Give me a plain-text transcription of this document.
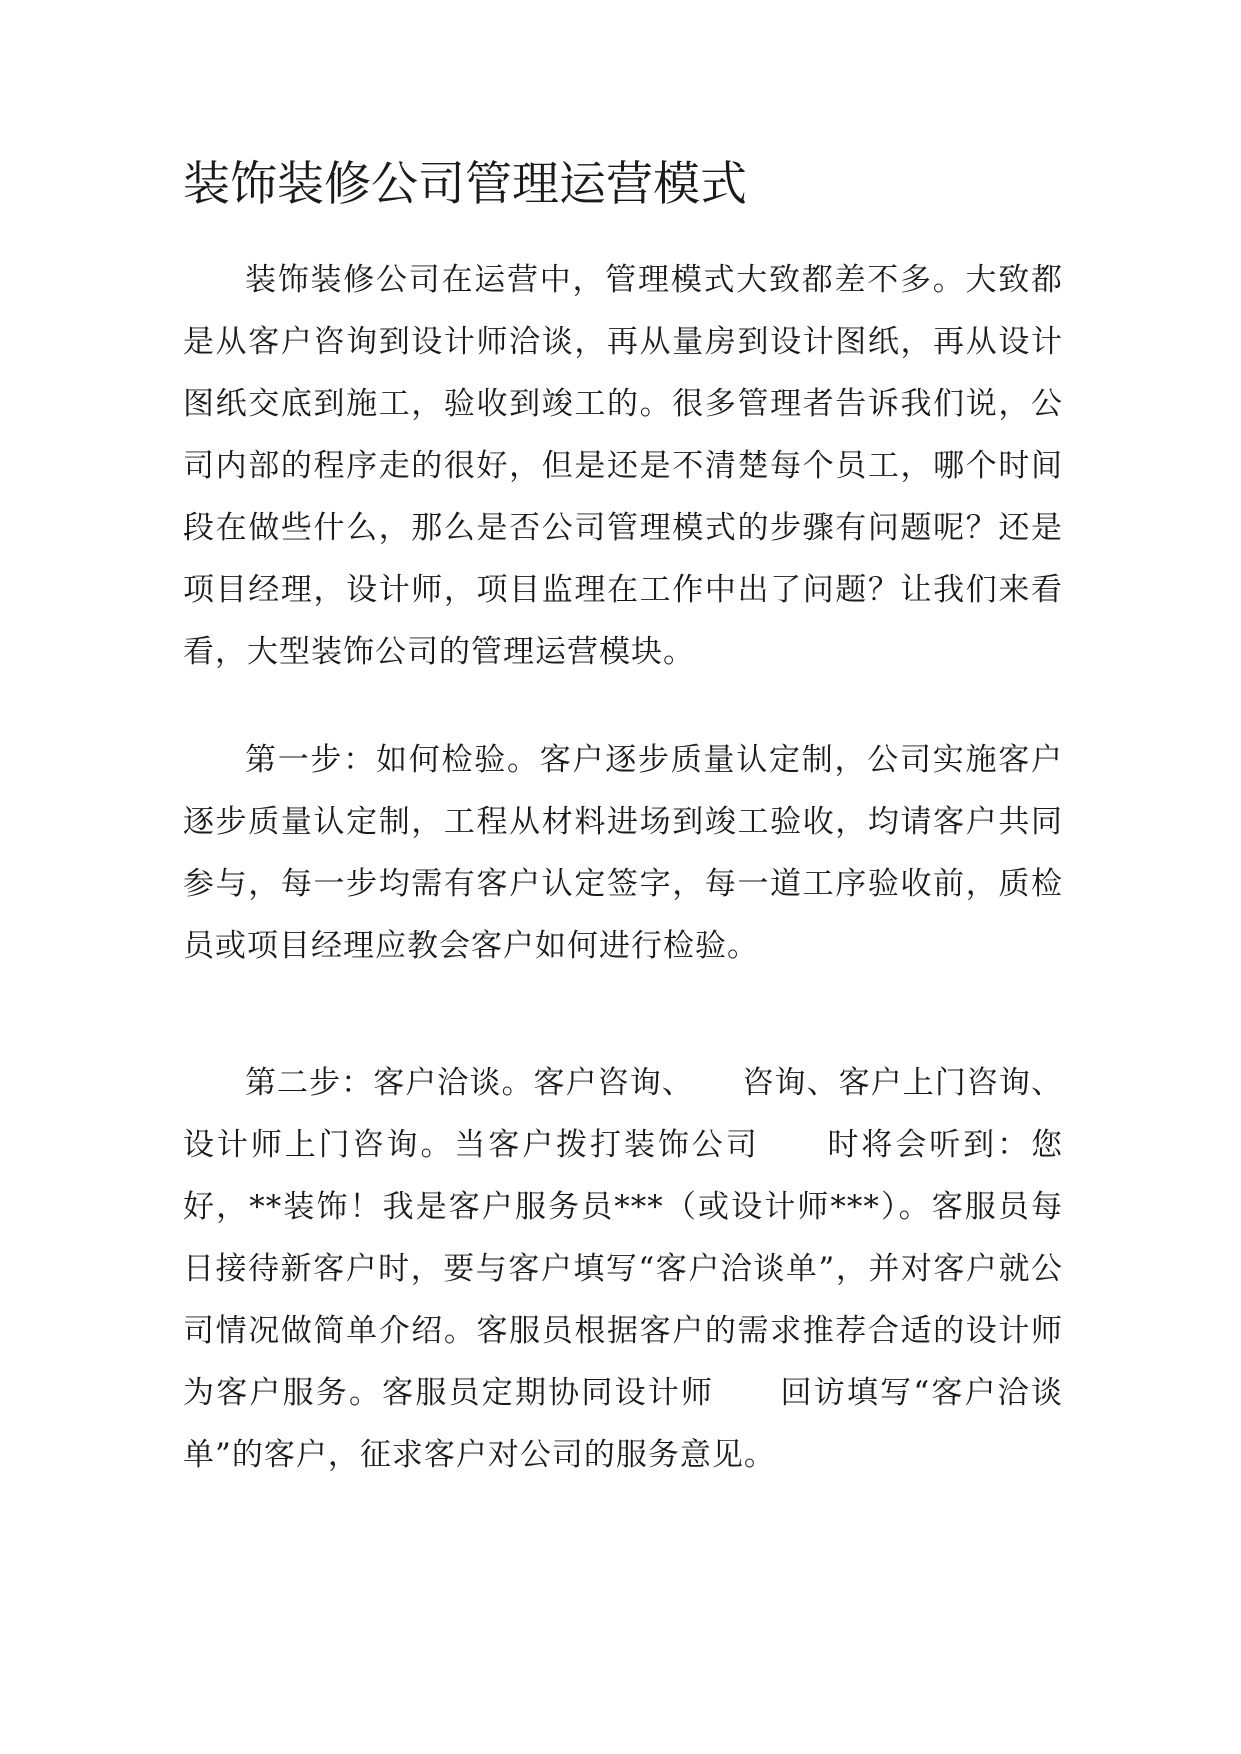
装饰装修公司管理运营模式

装饰装修公司在运营中，管理模式大致都差不多。大致都是从客户咨询到设计师洽谈，再从量房到设计图纸，再从设计图纸交底到施工，验收到竣工的。很多管理者告诉我们说，公司内部的程序走的很好，但是还是不清楚每个员工，哪个时间段在做些什么，那么是否公司管理模式的步骤有问题呢？还是项目经理，设计师，项目监理在工作中出了问题？让我们来看看，大型装饰公司的管理运营模块。

第一步：如何检验。客户逐步质量认定制，公司实施客户逐步质量认定制，工程从材料进场到竣工验收，均请客户共同参与，每一步均需有客户认定签字，每一道工序验收前，质检员或项目经理应教会客户如何进行检验。

第二步：客户洽谈。客户咨询、　　咨询、客户上门咨询、设计师上门咨询。当客户拨打装饰公司　　时将会听到：您好，**装饰！我是客户服务员***（或设计师***）。客服员每日接待新客户时，要与客户填写“客户洽谈单”，并对客户就公司情况做简单介绍。客服员根据客户的需求推荐合适的设计师为客户服务。客服员定期协同设计师　　回访填写“客户洽谈单”的客户，征求客户对公司的服务意见。
